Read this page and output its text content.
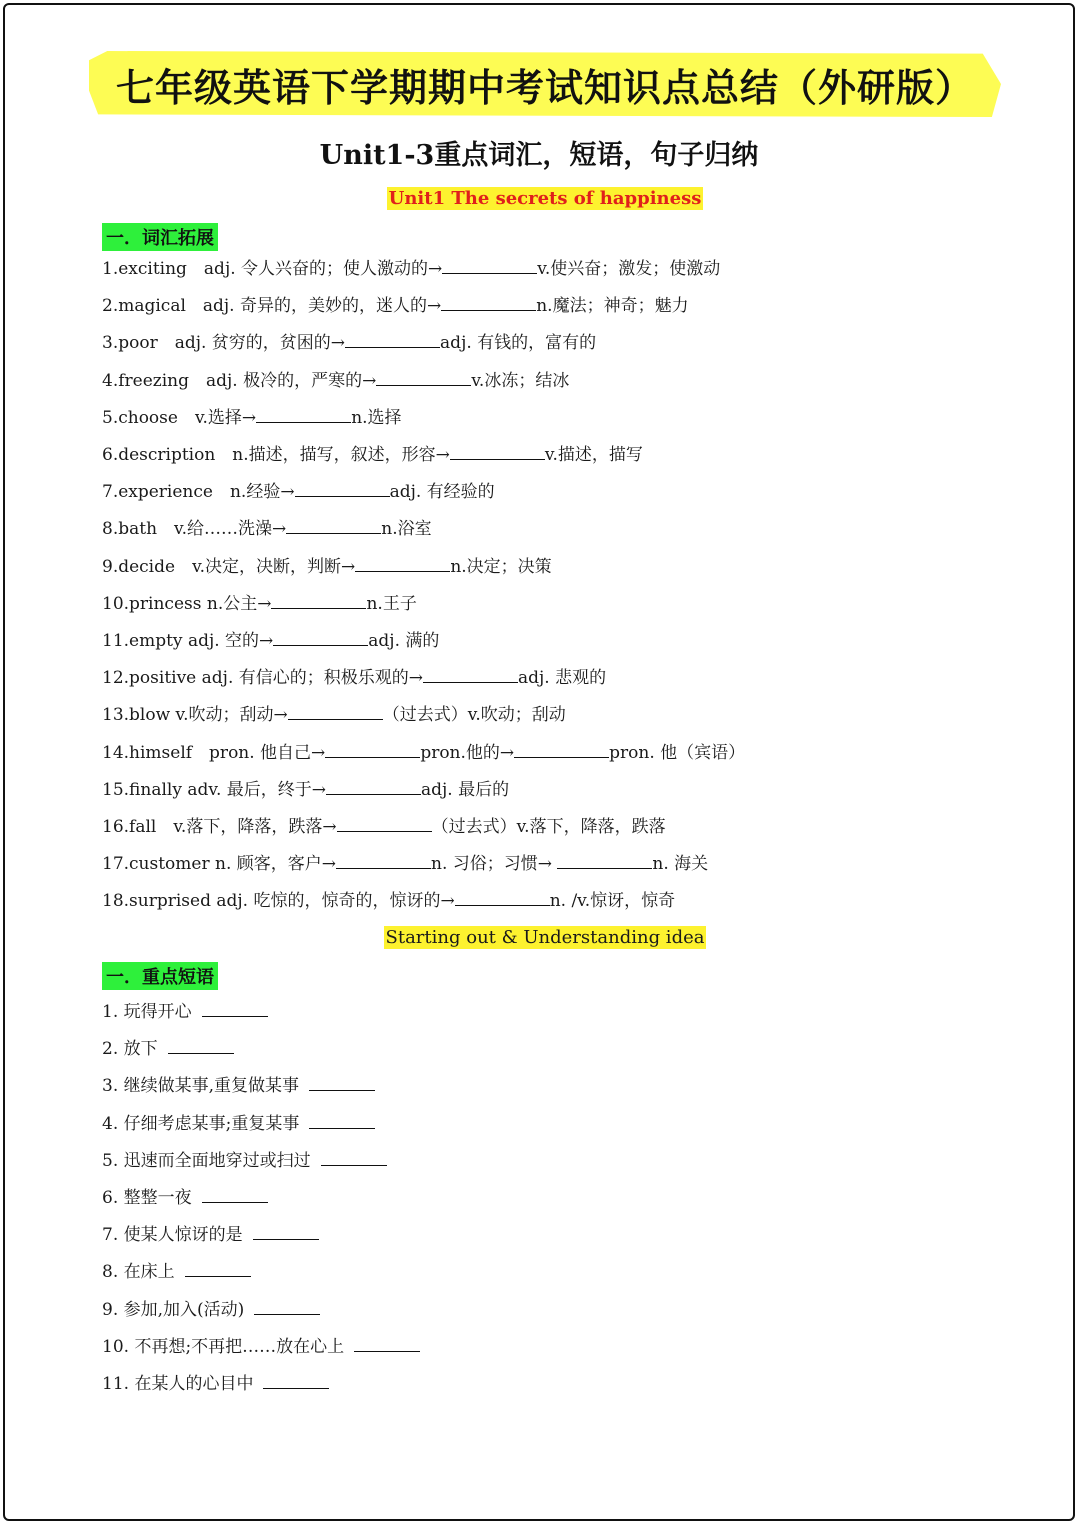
七年级英语下学期期中考试知识点总结（外研版）
Unit1-3重点词汇，短语，句子归纳
Unit1 The secrets of happiness
一．词汇拓展
1.exciting　adj. 令人兴奋的；使人激动的→	v.使兴奋；激发；使激动
2.magical　adj. 奇异的，美妙的，迷人的→	n.魔法；神奇；魅力
3.poor　adj. 贫穷的，贫困的→	adj. 有钱的，富有的
4.freezing　adj. 极冷的，严寒的→	v.冰冻；结冰
5.choose　v.选择→	n.选择
6.description　n.描述，描写，叙述，形容→	v.描述，描写
7.experience　n.经验→	adj. 有经验的
8.bath　v.给……洗澡→	n.浴室
9.decide　v.决定，决断，判断→	n.决定；决策
10.princess n.公主→	n.王子
11.empty adj. 空的→	adj. 满的
12.positive adj. 有信心的；积极乐观的→	adj. 悲观的
13.blow v.吹动；刮动→	（过去式）v.吹动；刮动
14.himself　pron. 他自己→	pron.他的→	pron. 他（宾语）
15.finally adv. 最后，终于→	adj. 最后的
16.fall　v.落下，降落，跌落→	（过去式）v.落下，降落，跌落
17.customer n. 顾客，客户→	n. 习俗；习惯→	n. 海关
18.surprised adj. 吃惊的，惊奇的，惊讶的→	n. /v.惊讶，惊奇
Starting out & Understanding idea
一．重点短语
1. 玩得开心
2. 放下
3. 继续做某事,重复做某事
4. 仔细考虑某事;重复某事
5. 迅速而全面地穿过或扫过
6. 整整一夜
7. 使某人惊讶的是
8. 在床上
9. 参加,加入(活动)
10. 不再想;不再把……放在心上
11. 在某人的心目中
